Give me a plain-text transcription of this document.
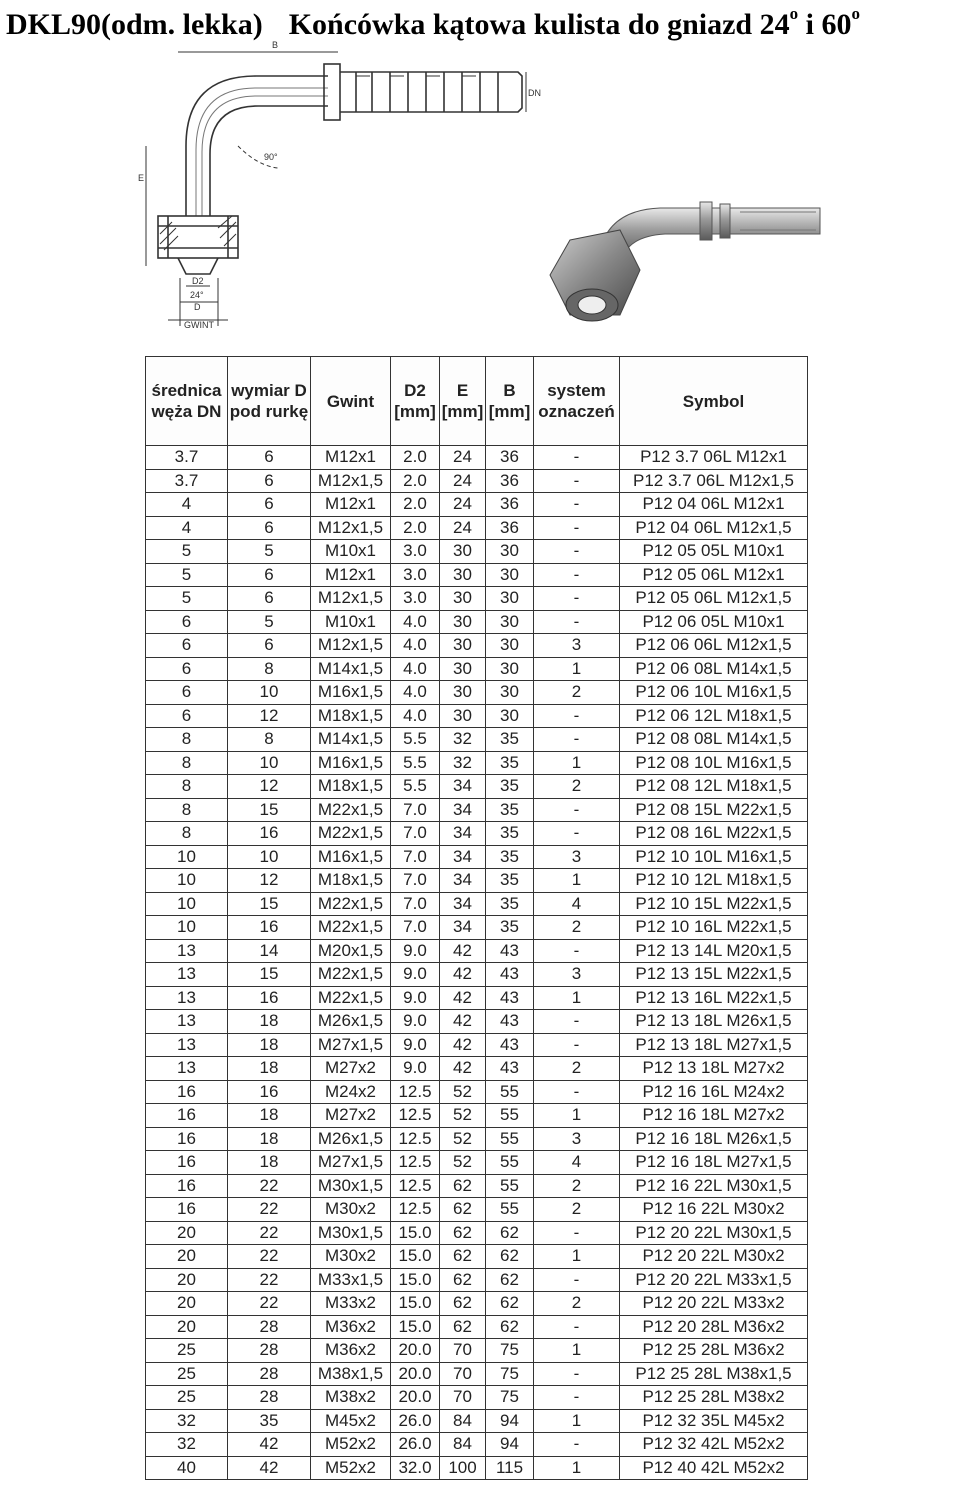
DKL90(odm. lekka) Końcówka kątowa kulista do gniazd 24$^o$ i 60$^o$
B
DN
E
90°
D2
24°
D
GWINT
średnica węża DN	wymiar D pod rurkę	Gwint	D2 [mm]	E [mm]	B [mm]	system oznaczeń	Symbol
3.7	6	M12x1	2.0	24	36	-	P12 3.7 06L M12x1
3.7	6	M12x1,5	2.0	24	36	-	P12 3.7 06L M12x1,5
4	6	M12x1	2.0	24	36	-	P12 04 06L M12x1
4	6	M12x1,5	2.0	24	36	-	P12 04 06L M12x1,5
5	5	M10x1	3.0	30	30	-	P12 05 05L M10x1
5	6	M12x1	3.0	30	30	-	P12 05 06L M12x1
5	6	M12x1,5	3.0	30	30	-	P12 05 06L M12x1,5
6	5	M10x1	4.0	30	30	-	P12 06 05L M10x1
6	6	M12x1,5	4.0	30	30	3	P12 06 06L M12x1,5
6	8	M14x1,5	4.0	30	30	1	P12 06 08L M14x1,5
6	10	M16x1,5	4.0	30	30	2	P12 06 10L M16x1,5
6	12	M18x1,5	4.0	30	30	-	P12 06 12L M18x1,5
8	8	M14x1,5	5.5	32	35	-	P12 08 08L M14x1,5
8	10	M16x1,5	5.5	32	35	1	P12 08 10L M16x1,5
8	12	M18x1,5	5.5	34	35	2	P12 08 12L M18x1,5
8	15	M22x1,5	7.0	34	35	-	P12 08 15L M22x1,5
8	16	M22x1,5	7.0	34	35	-	P12 08 16L M22x1,5
10	10	M16x1,5	7.0	34	35	3	P12 10 10L M16x1,5
10	12	M18x1,5	7.0	34	35	1	P12 10 12L M18x1,5
10	15	M22x1,5	7.0	34	35	4	P12 10 15L M22x1,5
10	16	M22x1,5	7.0	34	35	2	P12 10 16L M22x1,5
13	14	M20x1,5	9.0	42	43	-	P12 13 14L M20x1,5
13	15	M22x1,5	9.0	42	43	3	P12 13 15L M22x1,5
13	16	M22x1,5	9.0	42	43	1	P12 13 16L M22x1,5
13	18	M26x1,5	9.0	42	43	-	P12 13 18L M26x1,5
13	18	M27x1,5	9.0	42	43	-	P12 13 18L M27x1,5
13	18	M27x2	9.0	42	43	2	P12 13 18L M27x2
16	16	M24x2	12.5	52	55	-	P12 16 16L M24x2
16	18	M27x2	12.5	52	55	1	P12 16 18L M27x2
16	18	M26x1,5	12.5	52	55	3	P12 16 18L M26x1,5
16	18	M27x1,5	12.5	52	55	4	P12 16 18L M27x1,5
16	22	M30x1,5	12.5	62	55	2	P12 16 22L M30x1,5
16	22	M30x2	12.5	62	55	2	P12 16 22L M30x2
20	22	M30x1,5	15.0	62	62	-	P12 20 22L M30x1,5
20	22	M30x2	15.0	62	62	1	P12 20 22L M30x2
20	22	M33x1,5	15.0	62	62	-	P12 20 22L M33x1,5
20	22	M33x2	15.0	62	62	2	P12 20 22L M33x2
20	28	M36x2	15.0	62	62	-	P12 20 28L M36x2
25	28	M36x2	20.0	70	75	1	P12 25 28L M36x2
25	28	M38x1,5	20.0	70	75	-	P12 25 28L M38x1,5
25	28	M38x2	20.0	70	75	-	P12 25 28L M38x2
32	35	M45x2	26.0	84	94	1	P12 32 35L M45x2
32	42	M52x2	26.0	84	94	-	P12 32 42L M52x2
40	42	M52x2	32.0	100	115	1	P12 40 42L M52x2
